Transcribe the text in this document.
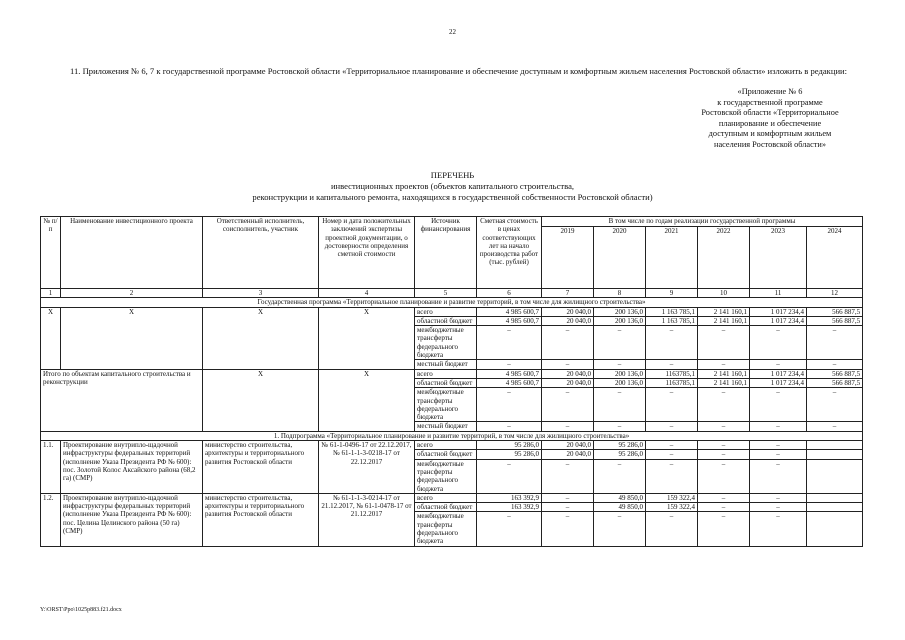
22
11. Приложения № 6, 7 к государственной программе Ростовской области «Территориальное планирование и обеспечение доступным и комфортным жильем населения Ростовской области» изложить в редакции:
«Приложение № 6
к государственной программе
Ростовской области «Территориальное
планирование и обеспечение
доступным и комфортным жильем
населения Ростовской области»
ПЕРЕЧЕНЬ
инвестиционных проектов (объектов капитального строительства,
реконструкции и капитального ремонта, находящихся в государственной собственности Ростовской области)
№ п/п	Наименование инвестиционного проекта	Ответственный исполнитель, соисполнитель, участник	Номер и дата положительных заключений экспертизы проектной документации, о достоверности определения сметной стоимости	Источник финансирования	Сметная стоимость в ценах соответствующих лет на начало производства работ (тыс. рублей)	В том числе по годам реализации государственной программы					
						2019	2020	2021	2022	2023	2024
1	2	3	4	5	6	7	8	9	10	11	12
Государственная программа «Территориальное планирование и развитие территорий, в том числе для жилищного строительства»											
X	X	X	X	всего	4 985 600,7	20 040,0	200 136,0	1 163 785,1	2 141 160,1	1 017 234,4	566 887,5
				областной бюджет	4 985 600,7	20 040,0	200 136,0	1 163 785,1	2 141 160,1	1 017 234,4	566 887,5
				межбюджетные трансферты федерального бюджета	–	–	–	–	–	–	–
				местный бюджет	–	–	–	–	–	–	–
Итого по объектам капитального строительства и реконструкции		X	X	всего	4 985 600,7	20 040,0	200 136,0	1163785,1	2 141 160,1	1 017 234,4	566 887,5
				областной бюджет	4 985 600,7	20 040,0	200 136,0	1163785,1	2 141 160,1	1 017 234,4	566 887,5
				межбюджетные трансферты федерального бюджета	–	–	–	–	–	–	–
				местный бюджет	–	–	–	–	–	–	–
1. Подпрограмма «Территориальное планирование и развитие территорий, в том числе для жилищного строительства»											
1.1.	Проектирование внутрипло-щадочной инфраструктуры федеральных территорий (исполнение Указа Президента РФ № 600): пос. Золотой Колос Аксайского района (68,2 га) (СМР)	министерство строительства, архитектуры и территориального развития Ростовской области	№ 61-1-0496-17 от 22.12.2017, № 61-1-1-3-0218-17 от 22.12.2017	всего	95 286,0	20 040,0	95 286,0	–	–	–	
				областной бюджет	95 286,0	20 040,0	95 286,0	–	–	–	
				межбюджетные трансферты федерального бюджета	–	–	–	–	–	–	
1.2.	Проектирование внутрипло-щадочной инфраструктуры федеральных территорий (исполнение Указа Президента РФ № 600): пос. Целина Целинского района (50 га) (СМР)	министерство строительства, архитектуры и территориального развития Ростовской области	№ 61-1-1-3-0214-17 от 21.12.2017, № 61-1-0478-17 от 21.12.2017	всего	163 392,9	–	49 850,0	159 322,4	–	–	
				областной бюджет	163 392,9	–	49 850,0	159 322,4	–	–	
				межбюджетные трансферты федерального бюджета	–	–	–	–	–	–	
Y:\ORST\Ppo\1025p883.f21.docx
